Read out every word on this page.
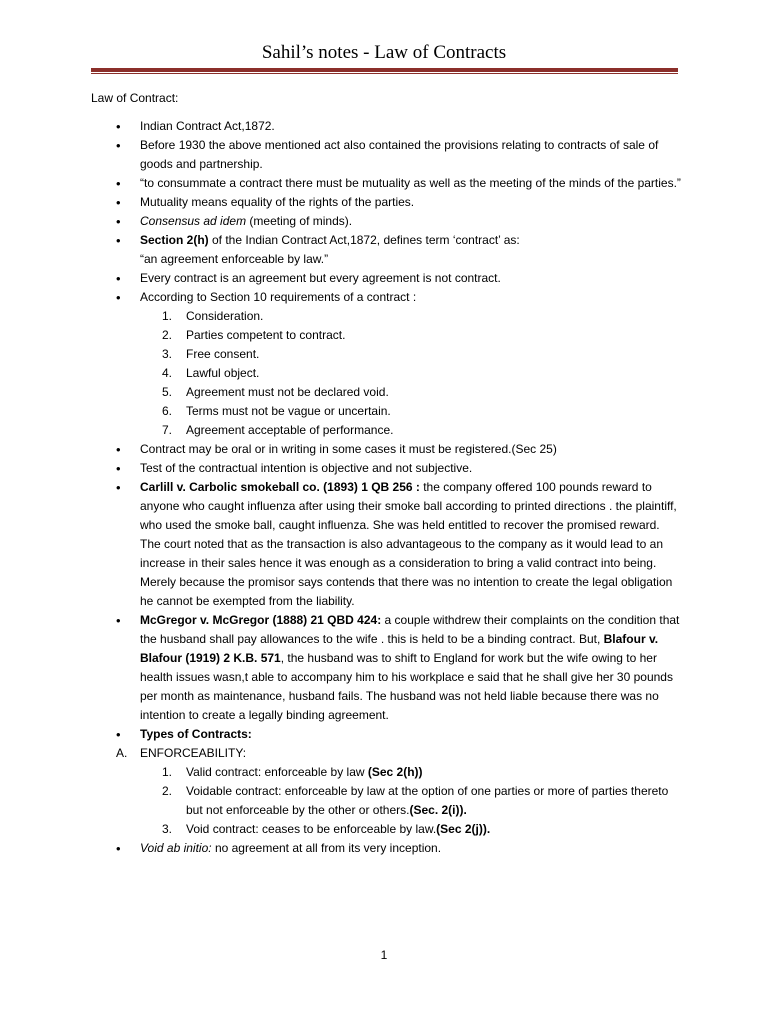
Sahil’s notes - Law of Contracts
Law of Contract:
• Indian Contract Act,1872.
• Before 1930 the above mentioned act also contained the provisions relating to contracts of sale of goods and partnership.
• “to consummate a contract there must be mutuality as well as the meeting of the minds of the parties.”
• Mutuality means equality of the rights of the parties.
• Consensus ad idem (meeting of minds).
• Section 2(h) of the Indian Contract Act,1872, defines term ‘contract’ as:
“an agreement enforceable by law.”
• Every contract is an agreement but every agreement is not contract.
• According to Section 10 requirements of a contract :
1. Consideration.
2. Parties competent to contract.
3. Free consent.
4. Lawful object.
5. Agreement must not be declared void.
6. Terms must not be vague or uncertain.
7. Agreement acceptable of performance.
• Contract may be oral or in writing in some cases it must be registered.(Sec 25)
• Test of the contractual intention is objective and not subjective.
• Carlill v. Carbolic smokeball co. (1893) 1 QB 256 : the company offered 100 pounds reward to anyone who caught influenza after using their smoke ball according to printed directions . the plaintiff, who used the smoke ball, caught influenza. She was held entitled to recover the promised reward. The court noted that as the transaction is also advantageous to the company as it would lead to an increase in their sales hence it was enough as a consideration to bring a valid contract into being. Merely because the promisor says contends that there was no intention to create the legal obligation he cannot be exempted from the liability.
• McGregor v. McGregor (1888) 21 QBD 424: a couple withdrew their complaints on the condition that the husband shall pay allowances to the wife . this is held to be a binding contract. But, Blafour v. Blafour (1919) 2 K.B. 571, the husband was to shift to England for work but the wife owing to her health issues wasn,t able to accompany him to his workplace e said that he shall give her 30 pounds per month as maintenance, husband fails. The husband was not held liable because there was no intention to create a legally binding agreement.
• Types of Contracts:
A. ENFORCEABILITY:
1. Valid contract: enforceable by law (Sec 2(h))
2. Voidable contract: enforceable by law at the option of one parties or more of parties thereto but not enforceable by the other or others.(Sec. 2(i)).
3. Void contract: ceases to be enforceable by law.(Sec 2(j)).
• Void ab initio: no agreement at all from its very inception.
1
